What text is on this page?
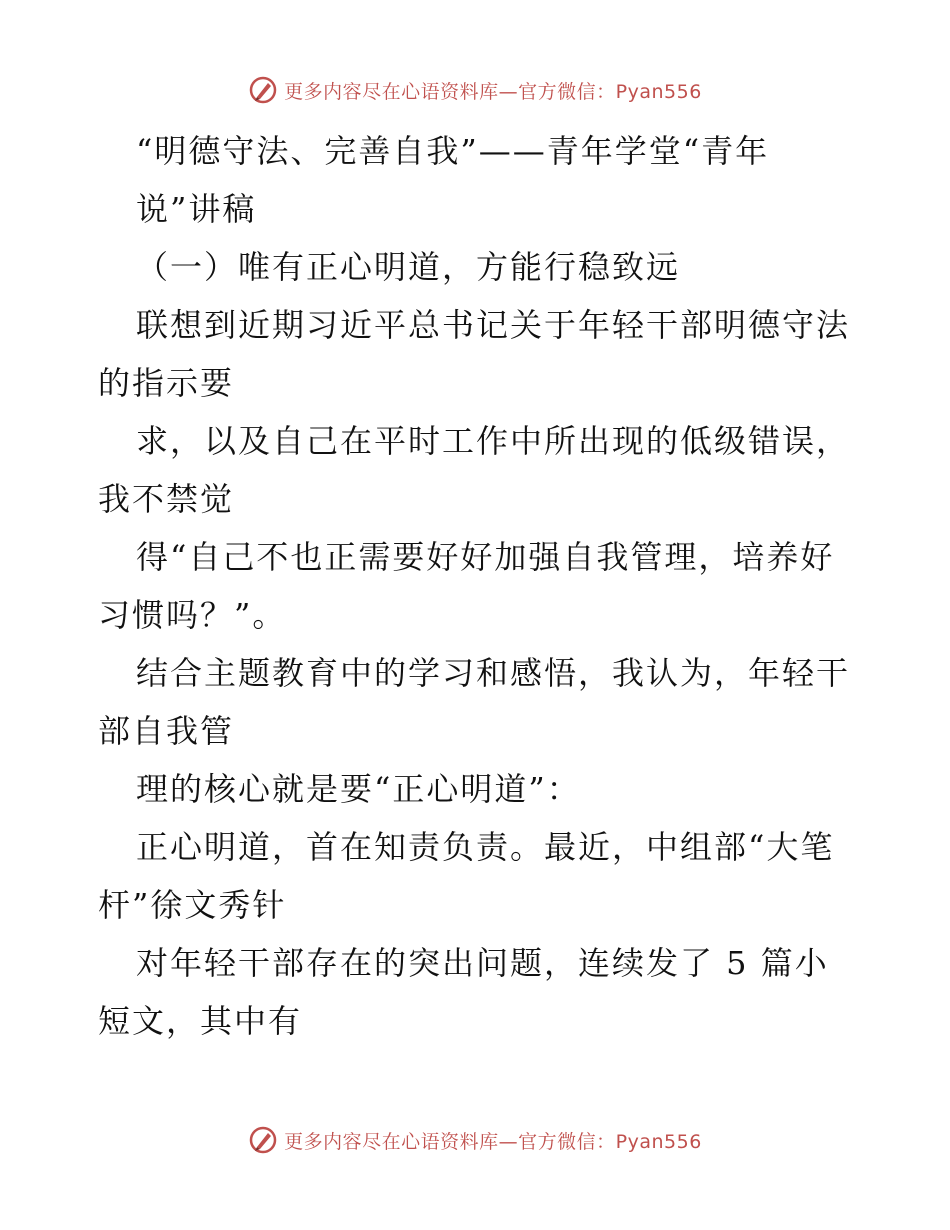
更多内容尽在心语资料库—官方微信：Pyan556
“明德守法、完善自我”——青年学堂“青年
说”讲稿
（一）唯有正心明道，方能行稳致远
联想到近期习近平总书记关于年轻干部明德守法
的指示要
求，以及自己在平时工作中所出现的低级错误，
我不禁觉
得“自己不也正需要好好加强自我管理，培养好
习惯吗？”。
结合主题教育中的学习和感悟，我认为，年轻干
部自我管
理的核心就是要“正心明道”：
正心明道，首在知责负责。最近，中组部“大笔
杆”徐文秀针
对年轻干部存在的突出问题，连续发了 5 篇小
短文，其中有
更多内容尽在心语资料库—官方微信：Pyan556
